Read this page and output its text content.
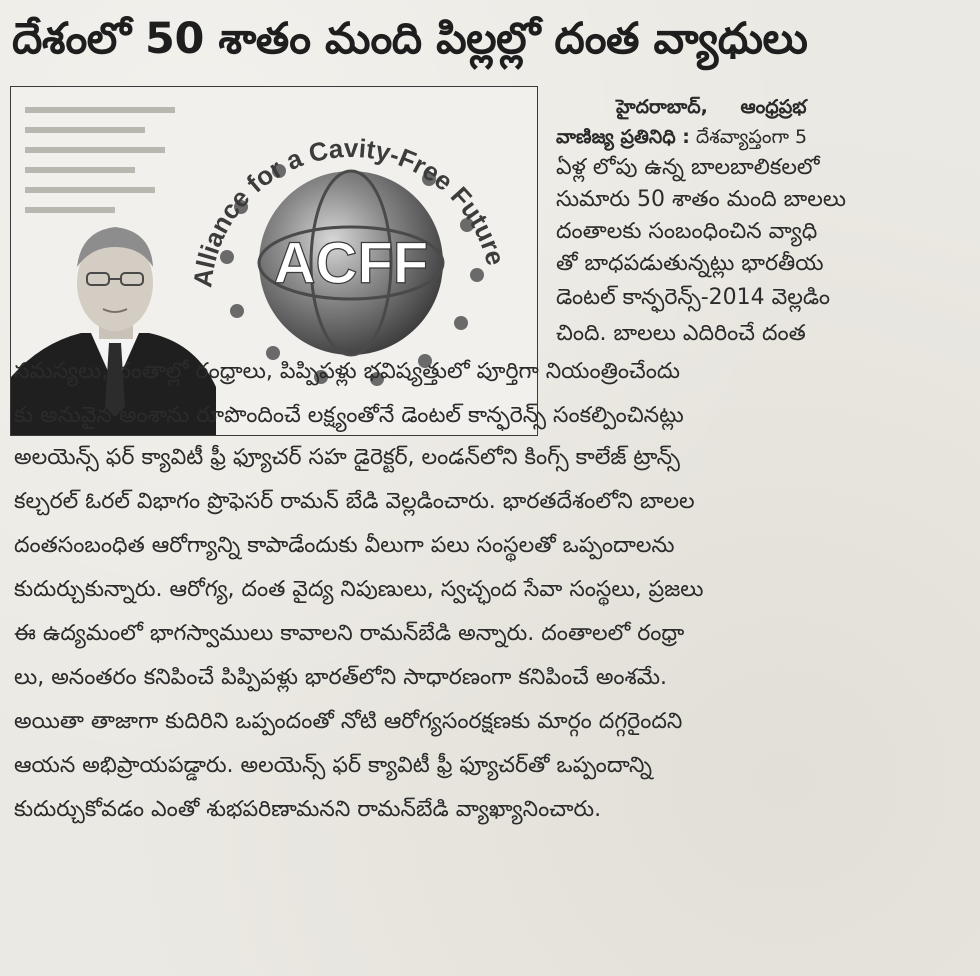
దేశంలో 50 శాతం మంది పిల్లల్లో దంత వ్యాధులు
ACFF
Alliance for a Cavity-Free Future
హైదరాబాద్, ఆంధ్రప్రభ
వాణిజ్య ప్రతినిధి : దేశవ్యాప్తంగా 5
ఏళ్ల లోపు ఉన్న బాలబాలికలలో
సుమారు 50 శాతం మంది బాలలు
దంతాలకు సంబంధించిన వ్యాధి
తో బాధపడుతున్నట్లు భారతీయ
డెంటల్ కాన్ఫరెన్స్-2014 వెల్లడిం
చింది. బాలలు ఎదిరించే దంత
సమస్యలు, దంతాల్లో రంధ్రాలు, పిప్పిపళ్లు భవిష్యత్తులో పూర్తిగా నియంత్రించేందు
కు అనువైన అంశాను రూపొందించే లక్ష్యంతోనే డెంటల్ కాన్ఫరెన్స్ సంకల్పించినట్లు
అలయెన్స్ ఫర్ క్యావిటీ ఫ్రీ ఫ్యూచర్ సహ డైరెక్టర్, లండన్‌లోని కింగ్స్ కాలేజ్ ట్రాన్స్
కల్చరల్ ఓరల్ విభాగం ప్రొఫెసర్ రామన్ బేడి వెల్లడించారు. భారతదేశంలోని బాలల
దంతసంబంధిత ఆరోగ్యాన్ని కాపాడేందుకు వీలుగా పలు సంస్థలతో ఒప్పందాలను
కుదుర్చుకున్నారు. ఆరోగ్య, దంత వైద్య నిపుణులు, స్వచ్ఛంద సేవా సంస్థలు, ప్రజలు
ఈ ఉద్యమంలో భాగస్వాములు కావాలని రామన్‌బేడి అన్నారు. దంతాలలో రంధ్రా
లు, అనంతరం కనిపించే పిప్పిపళ్లు భారత్‌లోని సాధారణంగా కనిపించే అంశమే.
అయితా తాజాగా కుదిరిని ఒప్పందంతో నోటి ఆరోగ్యసంరక్షణకు మార్గం దగ్గరైందని
ఆయన అభిప్రాయపడ్డారు. అలయెన్స్ ఫర్ క్యావిటీ ఫ్రీ ఫ్యూచర్‌తో ఒప్పందాన్ని
కుదుర్చుకోవడం ఎంతో శుభపరిణామనని రామన్‌బేడి వ్యాఖ్యానించారు.
